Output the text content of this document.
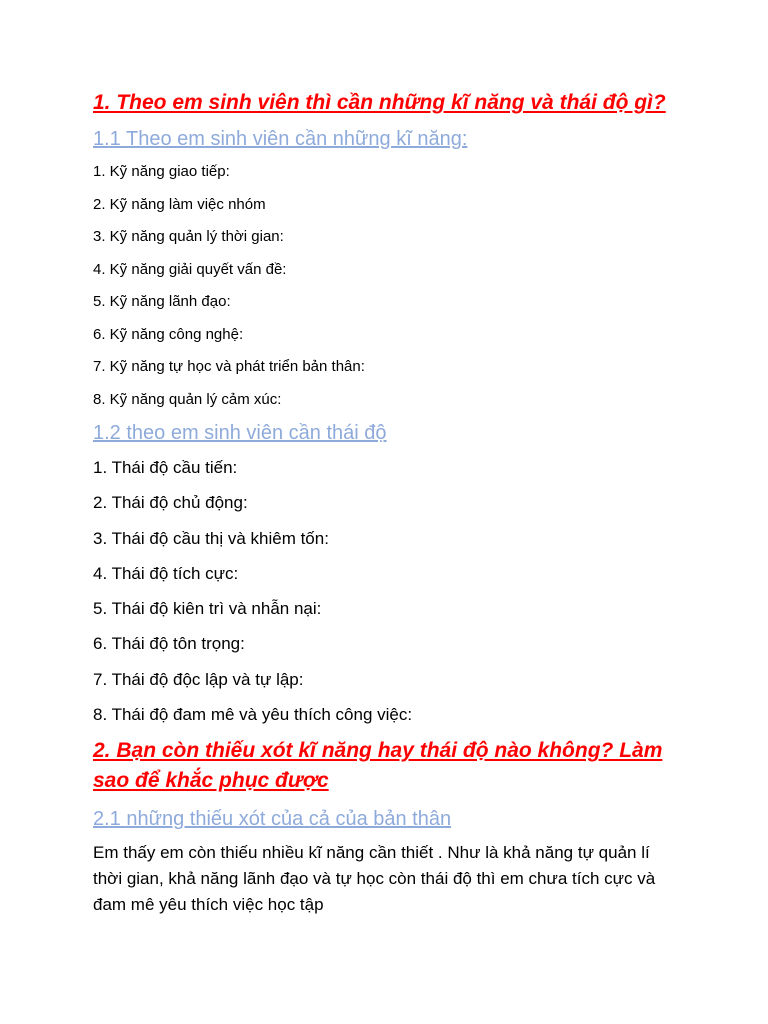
1. Theo em sinh viên thì cần những kĩ năng và thái độ gì?
1.1 Theo em sinh viên cần những kĩ năng:
1. Kỹ năng giao tiếp:
2. Kỹ năng làm việc nhóm
3. Kỹ năng quản lý thời gian:
4. Kỹ năng giải quyết vấn đề:
5. Kỹ năng lãnh đạo:
6. Kỹ năng công nghệ:
7. Kỹ năng tự học và phát triển bản thân:
8. Kỹ năng quản lý cảm xúc:
1.2 theo em sinh viên cần thái độ
1. Thái độ cầu tiến:
2. Thái độ chủ động:
3. Thái độ cầu thị và khiêm tốn:
4. Thái độ tích cực:
5. Thái độ kiên trì và nhẫn nại:
6. Thái độ tôn trọng:
7. Thái độ độc lập và tự lập:
8. Thái độ đam mê và yêu thích công việc:
2. Bạn còn thiếu xót kĩ năng hay thái độ nào không? Làm
sao để khắc phục được
2.1 những thiếu xót của cả của bản thân

Em thấy em còn thiếu nhiều kĩ năng cần thiết . Như là khả năng tự quản lí thời gian, khả năng lãnh đạo và tự học còn thái độ thì em chưa tích cực và đam mê yêu thích việc học tập
